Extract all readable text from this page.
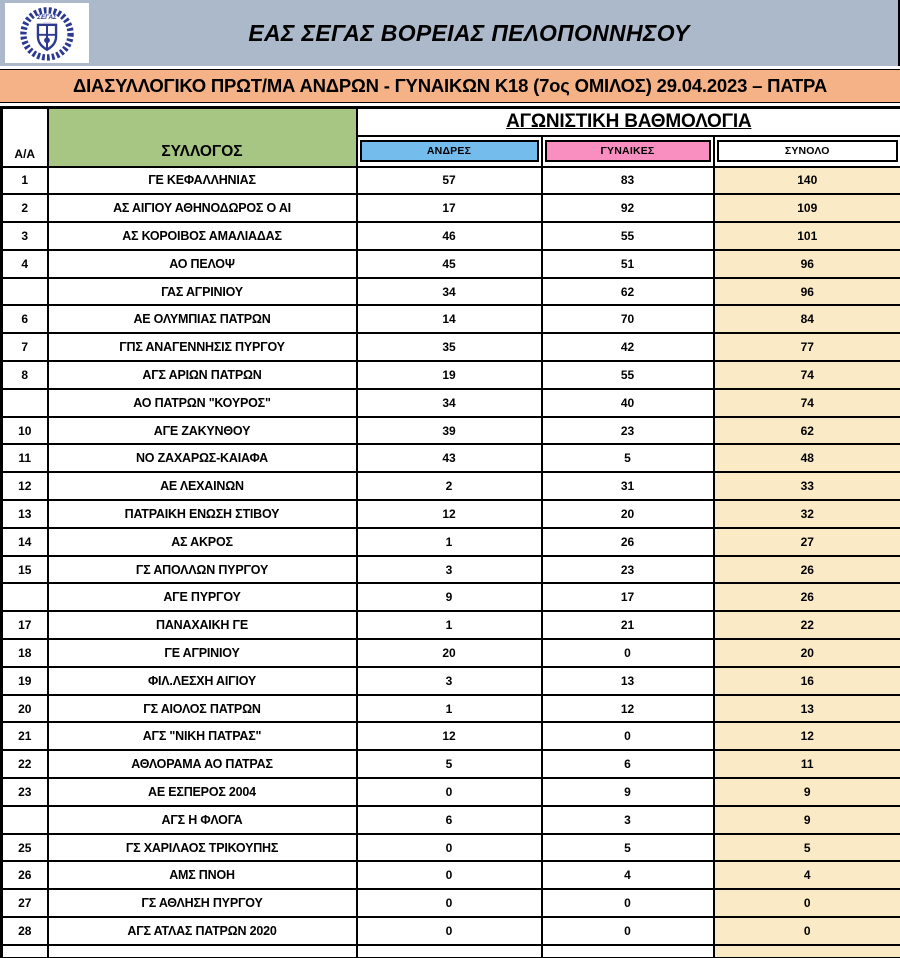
ΣΕΓΑΣ
·······	ΕΑΣ ΣΕΓΑΣ ΒΟΡΕΙΑΣ ΠΕΛΟΠΟΝΝΗΣΟΥ
ΔΙΑΣΥΛΛΟΓΙΚΟ ΠΡΩΤ/ΜΑ ΑΝΔΡΩΝ - ΓΥΝΑΙΚΩΝ Κ18 (7ος ΟΜΙΛΟΣ) 29.04.2023 – ΠΑΤΡΑ
Α/Α	ΣΥΛΛΟΓΟΣ	ΑΓΩΝΙΣΤΙΚΗ ΒΑΘΜΟΛΟΓΙΑ		

ΑΝΔΡΕΣ	ΓΥΝΑΙΚΕΣ	ΣΥΝΟΛΟ

1	ΓΕ ΚΕΦΑΛΛΗΝΙΑΣ	57	83	140
2	ΑΣ ΑΙΓΙΟΥ ΑΘΗΝΟΔΩΡΟΣ Ο ΑΙ	17	92	109
3	ΑΣ ΚΟΡΟΙΒΟΣ ΑΜΑΛΙΑΔΑΣ	46	55	101
4	ΑΟ ΠΕΛΟΨ	45	51	96
	ΓΑΣ ΑΓΡΙΝΙΟΥ	34	62	96
6	ΑΕ ΟΛΥΜΠΙΑΣ ΠΑΤΡΩΝ	14	70	84
7	ΓΠΣ ΑΝΑΓΕΝΝΗΣΙΣ ΠΥΡΓΟΥ	35	42	77
8	ΑΓΣ ΑΡΙΩΝ ΠΑΤΡΩΝ	19	55	74
	ΑΟ ΠΑΤΡΩΝ "ΚΟΥΡΟΣ"	34	40	74
10	ΑΓΕ ΖΑΚΥΝΘΟΥ	39	23	62
11	ΝΟ ΖΑΧΑΡΩΣ-ΚΑΙΑΦΑ	43	5	48
12	ΑΕ ΛΕΧΑΙΝΩΝ	2	31	33
13	ΠΑΤΡΑΙΚΗ ΕΝΩΣΗ ΣΤΙΒΟΥ	12	20	32
14	ΑΣ ΑΚΡΟΣ	1	26	27
15	ΓΣ ΑΠΟΛΛΩΝ ΠΥΡΓΟΥ	3	23	26
	ΑΓΕ ΠΥΡΓΟΥ	9	17	26
17	ΠΑΝΑΧΑΙΚΗ ΓΕ	1	21	22
18	ΓΕ ΑΓΡΙΝΙΟΥ	20	0	20
19	ΦΙΛ.ΛΕΣΧΗ ΑΙΓΙΟΥ	3	13	16
20	ΓΣ ΑΙΟΛΟΣ ΠΑΤΡΩΝ	1	12	13
21	ΑΓΣ "ΝΙΚΗ ΠΑΤΡΑΣ"	12	0	12
22	ΑΘΛΟΡΑΜΑ ΑΟ ΠΑΤΡΑΣ	5	6	11
23	ΑΕ ΕΣΠΕΡΟΣ 2004	0	9	9
	ΑΓΣ Η ΦΛΟΓΑ	6	3	9
25	ΓΣ ΧΑΡΙΛΑΟΣ ΤΡΙΚΟΥΠΗΣ	0	5	5
26	ΑΜΣ ΠΝΟΗ	0	4	4
27	ΓΣ ΑΘΛΗΣΗ ΠΥΡΓΟΥ	0	0	0
28	ΑΓΣ ΑΤΛΑΣ ΠΑΤΡΩΝ 2020	0	0	0
